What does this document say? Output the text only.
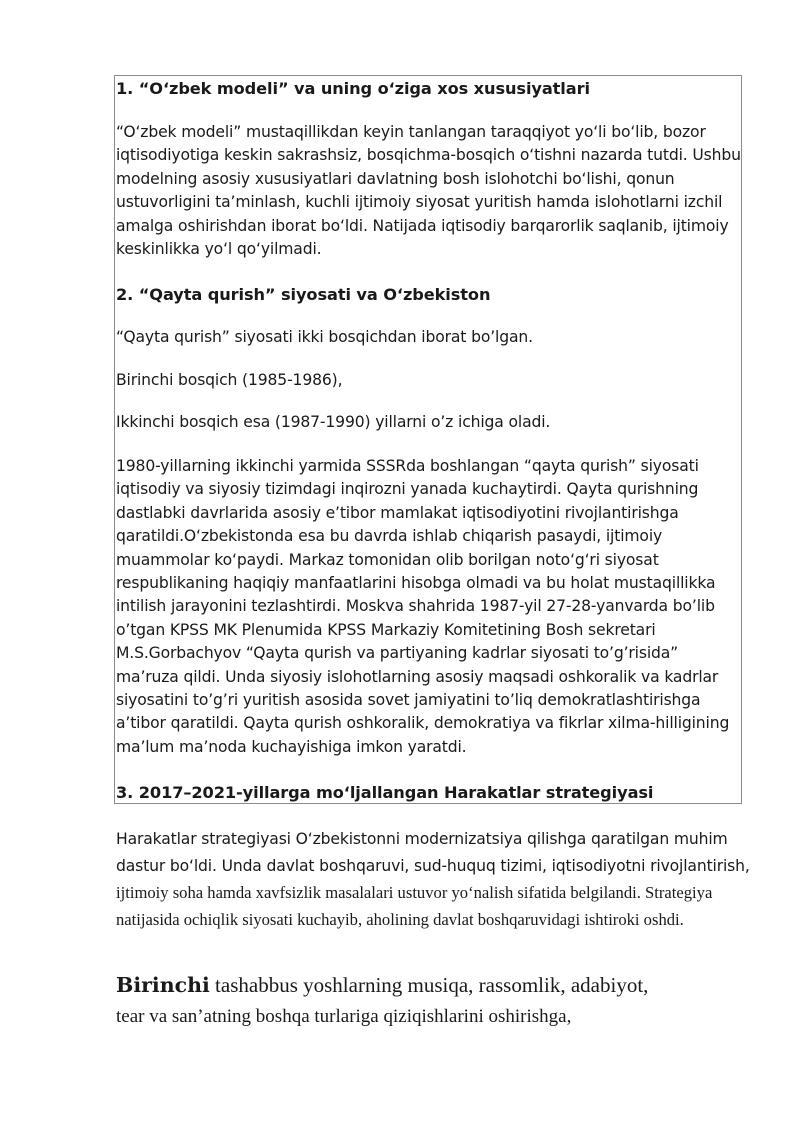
1. “O‘zbek modeli” va uning o‘ziga xos xususiyatlari

“O‘zbek modeli” mustaqillikdan keyin tanlangan taraqqiyot yo‘li bo‘lib, bozor iqtisodiyotiga keskin sakrashsiz, bosqichma-bosqich o‘tishni nazarda tutdi. Ushbu modelning asosiy xususiyatlari davlatning bosh islohotchi bo‘lishi, qonun ustuvorligini ta’minlash, kuchli ijtimoiy siyosat yuritish hamda islohotlarni izchil amalga oshirishdan iborat bo‘ldi. Natijada iqtisodiy barqarorlik saqlanib, ijtimoiy keskinlikka yo‘l qo‘yilmadi.

2. “Qayta qurish” siyosati va O‘zbekiston
“Qayta qurish” siyosati ikki bosqichdan iborat bo’lgan.
Birinchi bosqich (1985-1986),
Ikkinchi bosqich esa (1987-1990) yillarni o’z ichiga oladi.

1980-yillarning ikkinchi yarmida SSSRda boshlangan “qayta qurish” siyosati iqtisodiy va siyosiy tizimdagi inqirozni yanada kuchaytirdi. Qayta qurishning dastlabki davrlarida asosiy e’tibor mamlakat iqtisodiyotini rivojlantirishga qaratildi.O‘zbekistonda esa bu davrda ishlab chiqarish pasaydi, ijtimoiy muammolar ko‘paydi. Markaz tomonidan olib borilgan noto‘g‘ri siyosat respublikaning haqiqiy manfaatlarini hisobga olmadi va bu holat mustaqillikka intilish jarayonini tezlashtirdi. Moskva shahrida 1987-yil 27-28-yanvarda bo’lib o’tgan KPSS MK Plenumida KPSS Markaziy Komitetining Bosh sekretari M.S.Gorbachyov “Qayta qurish va partiyaning kadrlar siyosati to’g’risida” ma’ruza qildi. Unda siyosiy islohotlarning asosiy maqsadi oshkoralik va kadrlar siyosatini to’g’ri yuritish asosida sovet jamiyatini to’liq demokratlashtirishga a’tibor qaratildi. Qayta qurish oshkoralik, demokratiya va fikrlar xilma-hilligining ma’lum ma’noda kuchayishiga imkon yaratdi.

3. 2017–2021-yillarga mo‘ljallangan Harakatlar strategiyasi
Harakatlar strategiyasi O‘zbekistonni modernizatsiya qilishga qaratilgan muhim dastur bo‘ldi. Unda davlat boshqaruvi, sud-huquq tizimi, iqtisodiyotni rivojlantirish, ijtimoiy soha hamda xavfsizlik masalalari ustuvor yo‘nalish sifatida belgilandi. Strategiya natijasida ochiqlik siyosati kuchayib, aholining davlat boshqaruvidagi ishtiroki oshdi.
Birinchi tashabbus yoshlarning musiqa, rassomlik, adabiyot,
tear va san’atning boshqa turlariga qiziqishlarini oshirishga,
